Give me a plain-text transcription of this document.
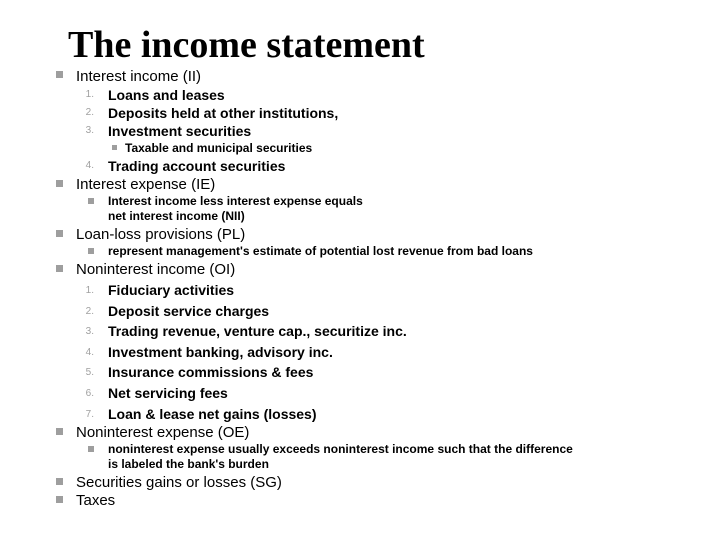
The income statement
Interest income (II)
1. Loans and leases
2. Deposits held at other institutions,
3. Investment securities
Taxable and municipal securities
4. Trading account securities
Interest expense (IE)
Interest income less interest expense equals
net interest income (NII)
Loan-loss provisions (PL)
represent management's estimate of potential lost revenue from bad loans
Noninterest income (OI)
1. Fiduciary activities
2. Deposit service charges
3. Trading revenue, venture cap., securitize inc.
4. Investment banking, advisory inc.
5. Insurance commissions & fees
6. Net servicing fees
7. Loan & lease net gains (losses)
Noninterest expense (OE)
noninterest expense usually exceeds noninterest income such that the difference
is labeled the bank's burden
Securities gains or losses (SG)
Taxes
